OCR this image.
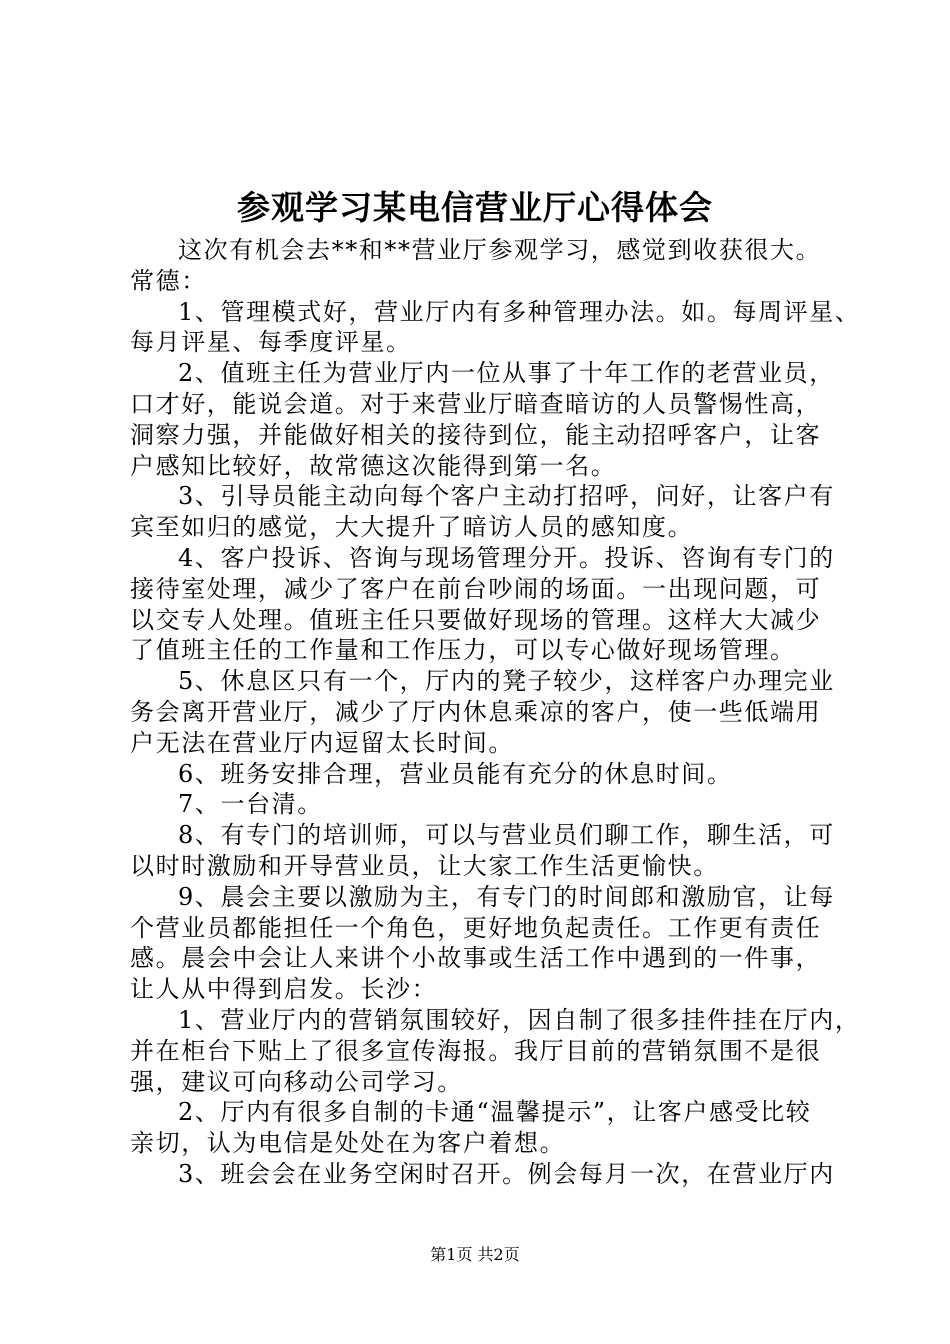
参观学习某电信营业厅心得体会
这次有机会去**和**营业厅参观学习，感觉到收获很大。
常德：
1、管理模式好，营业厅内有多种管理办法。如。每周评星、
每月评星、每季度评星。
2、值班主任为营业厅内一位从事了十年工作的老营业员，
口才好，能说会道。对于来营业厅暗查暗访的人员警惕性高，
洞察力强，并能做好相关的接待到位，能主动招呼客户，让客
户感知比较好，故常德这次能得到第一名。
3、引导员能主动向每个客户主动打招呼，问好，让客户有
宾至如归的感觉，大大提升了暗访人员的感知度。
4、客户投诉、咨询与现场管理分开。投诉、咨询有专门的
接待室处理，减少了客户在前台吵闹的场面。一出现问题，可
以交专人处理。值班主任只要做好现场的管理。这样大大减少
了值班主任的工作量和工作压力，可以专心做好现场管理。
5、休息区只有一个，厅内的凳子较少，这样客户办理完业
务会离开营业厅，减少了厅内休息乘凉的客户，使一些低端用
户无法在营业厅内逗留太长时间。
6、班务安排合理，营业员能有充分的休息时间。
7、一台清。
8、有专门的培训师，可以与营业员们聊工作，聊生活，可
以时时激励和开导营业员，让大家工作生活更愉快。
9、晨会主要以激励为主，有专门的时间郎和激励官，让每
个营业员都能担任一个角色，更好地负起责任。工作更有责任
感。晨会中会让人来讲个小故事或生活工作中遇到的一件事，
让人从中得到启发。长沙：
1、营业厅内的营销氛围较好，因自制了很多挂件挂在厅内，
并在柜台下贴上了很多宣传海报。我厅目前的营销氛围不是很
强，建议可向移动公司学习。
2、厅内有很多自制的卡通“温馨提示”，让客户感受比较
亲切，认为电信是处处在为客户着想。
3、班会会在业务空闲时召开。例会每月一次，在营业厅内
第1页 共2页
